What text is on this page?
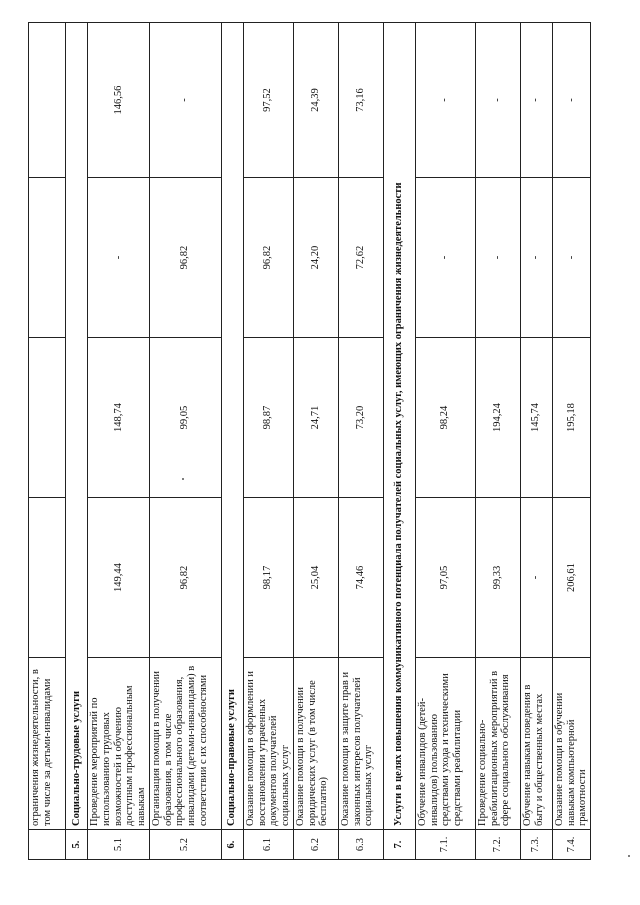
	ограничения жизнедеятельности, в том числе за детьми-инвалидами				
5.	Социально-трудовые услуги				
5.1	Проведение мероприятий по использованию трудовых возможностей и обучению доступным профессиональным навыкам	149,44	148,74	-	146,56
5.2	Организация помощи в получении образования, в том числе профессионального образования, инвалидами (детьми-инвалидами) в соответствии с их способностями	96,82	99,05	96,82	-
6.	Социально-правовые услуги				
6.1	Оказание помощи в оформлении и восстановлении утраченных документов получателей социальных услуг	98,17	98,87	96,82	97,52
6.2	Оказание помощи в получении юридических услуг (в том числе бесплатно)	25,04	24,71	24,20	24,39
6.3	Оказание помощи в защите прав и законных интересов получателей социальных услуг	74,46	73,20	72,62	73,16
7.	Услуги в целях повышения коммуникативного потенциала получателей социальных услуг, имеющих ограничения жизнедеятельности				
7.1.	Обучение инвалидов (детей-инвалидов) пользованию средствами ухода и техническими средствами реабилитации	97,05	98,24	-	-
7.2.	Проведение социально-реабилитационных мероприятий в сфере социального обслуживания	99,33	194,24	-	-
7.3.	Обучение навыкам поведения в быту и общественных местах	-	145,74	-	-
7.4.	Оказание помощи в обучении навыкам компьютерной грамотности	206,61	195,18	-	-
